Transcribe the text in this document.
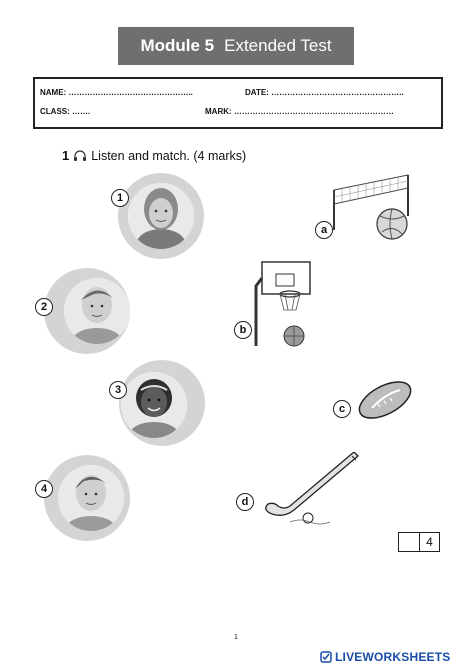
Module 5 Extended Test
NAME: ………………………………………..	DATE: …………………………………………..
CLASS: …….	MARK: ……………………………………………………
1 Listen and match. (4 marks)
1
2
3
4
a
b
c
d
4
1
LIVEWORKSHEETS
